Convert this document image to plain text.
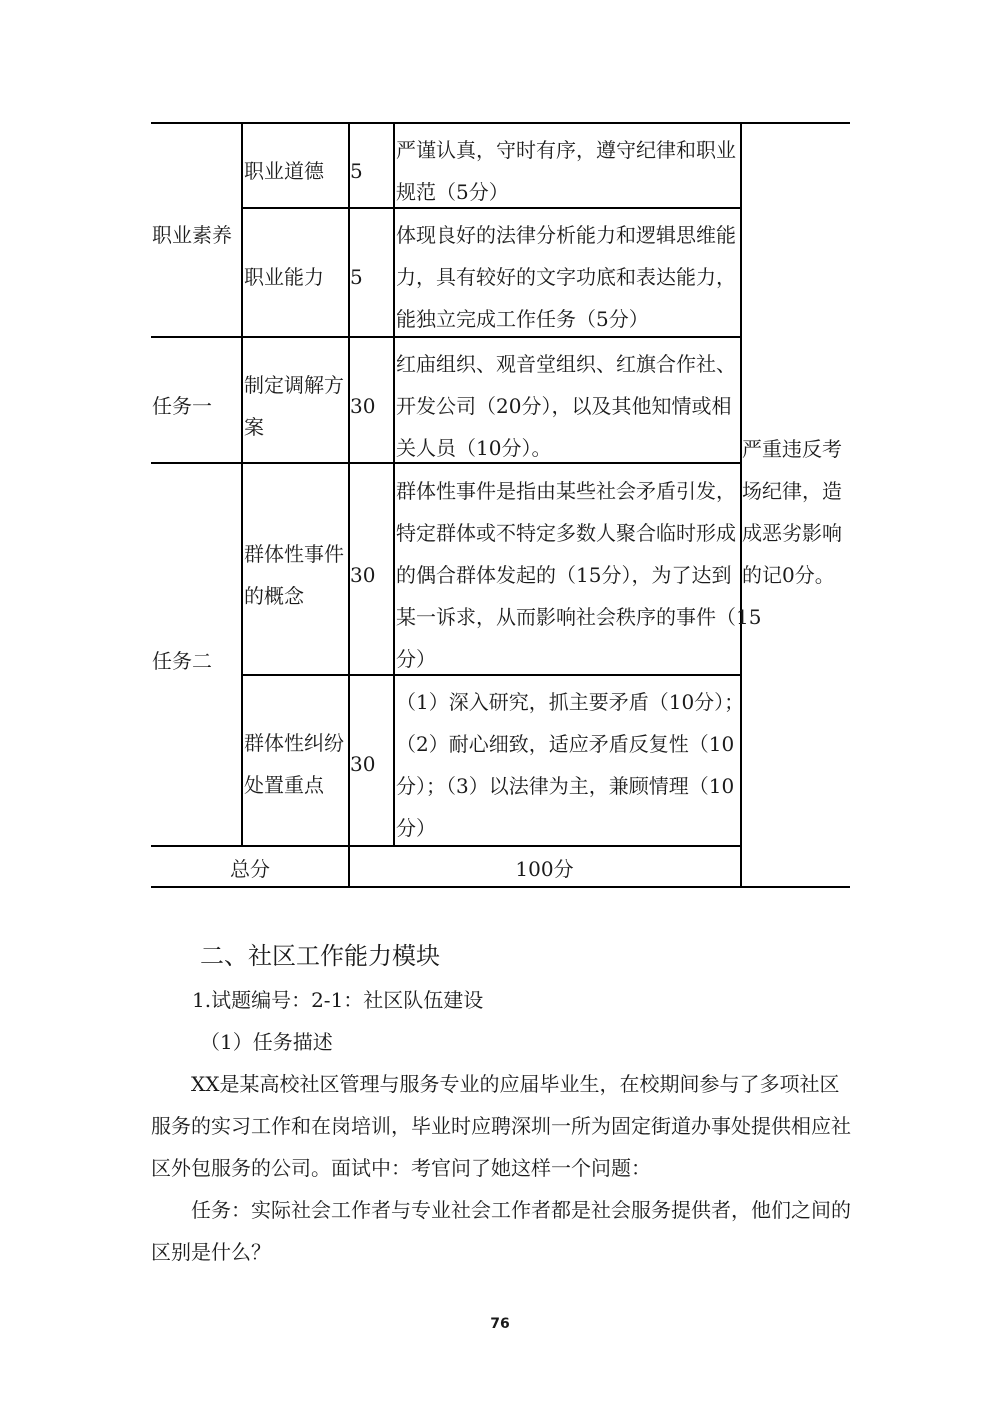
职业素养
任务一
任务二
职业道德
职业能力
制定调解方
案
群体性事件
的概念
群体性纠纷
处置重点
5
5
30
30
30
严谨认真，守时有序，遵守纪律和职业
规范（5分）
体现良好的法律分析能力和逻辑思维能
力，具有较好的文字功底和表达能力，
能独立完成工作任务（5分）
红庙组织、观音堂组织、红旗合作社、
开发公司（20分），以及其他知情或相
关人员（10分）。
群体性事件是指由某些社会矛盾引发，
特定群体或不特定多数人聚合临时形成
的偶合群体发起的（15分），为了达到
某一诉求，从而影响社会秩序的事件（15
分）
（1）深入研究，抓主要矛盾（10分）；
（2）耐心细致，适应矛盾反复性（10
分）；（3）以法律为主，兼顾情理（10
分）
严重违反考
场纪律，造
成恶劣影响
的记0分。
总分	100分
二、社区工作能力模块
1.试题编号：2-1：社区队伍建设
（1）任务描述
XX是某高校社区管理与服务专业的应届毕业生，在校期间参与了多项社区
服务的实习工作和在岗培训，毕业时应聘深圳一所为固定街道办事处提供相应社
区外包服务的公司。面试中：考官问了她这样一个问题：
任务：实际社会工作者与专业社会工作者都是社会服务提供者，他们之间的
区别是什么？
76
